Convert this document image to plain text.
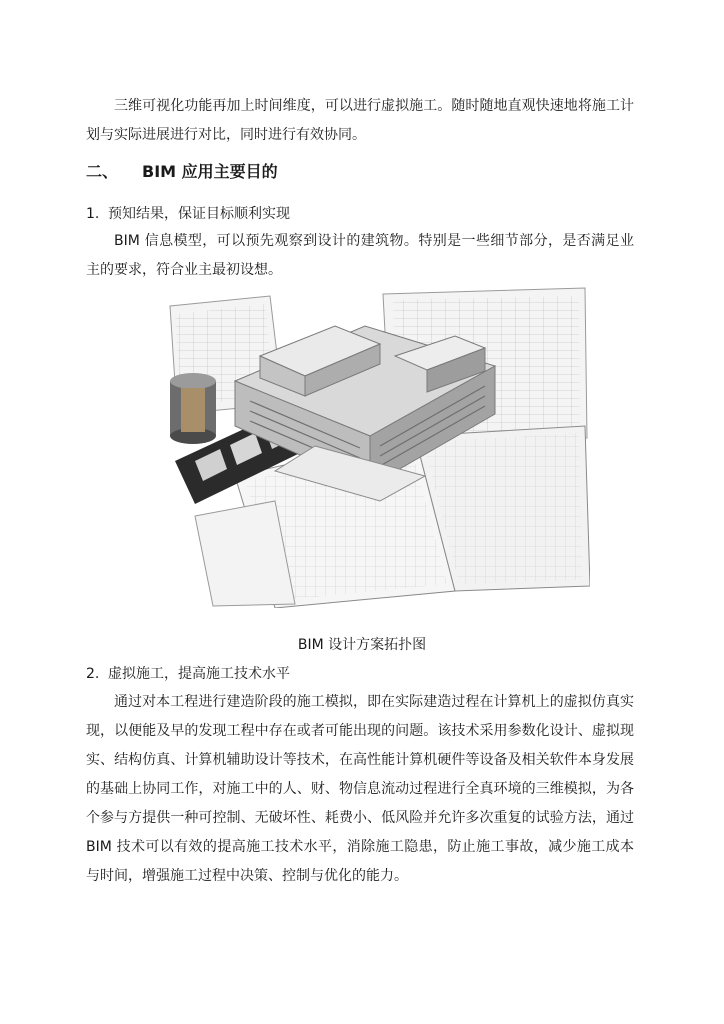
三维可视化功能再加上时间维度，可以进行虚拟施工。随时随地直观快速地将施工计划与实际进展进行对比，同时进行有效协同。

二、 BIM 应用主要目的
1. 预知结果，保证目标顺利实现

BIM 信息模型，可以预先观察到设计的建筑物。特别是一些细节部分，是否满足业主的要求，符合业主最初设想。

BIM 设计方案拓扑图
2. 虚拟施工，提高施工技术水平

通过对本工程进行建造阶段的施工模拟，即在实际建造过程在计算机上的虚拟仿真实现，以便能及早的发现工程中存在或者可能出现的问题。该技术采用参数化设计、虚拟现实、结构仿真、计算机辅助设计等技术，在高性能计算机硬件等设备及相关软件本身发展的基础上协同工作，对施工中的人、财、物信息流动过程进行全真环境的三维模拟，为各个参与方提供一种可控制、无破坏性、耗费小、低风险并允许多次重复的试验方法，通过 BIM 技术可以有效的提高施工技术水平，消除施工隐患，防止施工事故，减少施工成本与时间，增强施工过程中决策、控制与优化的能力。
